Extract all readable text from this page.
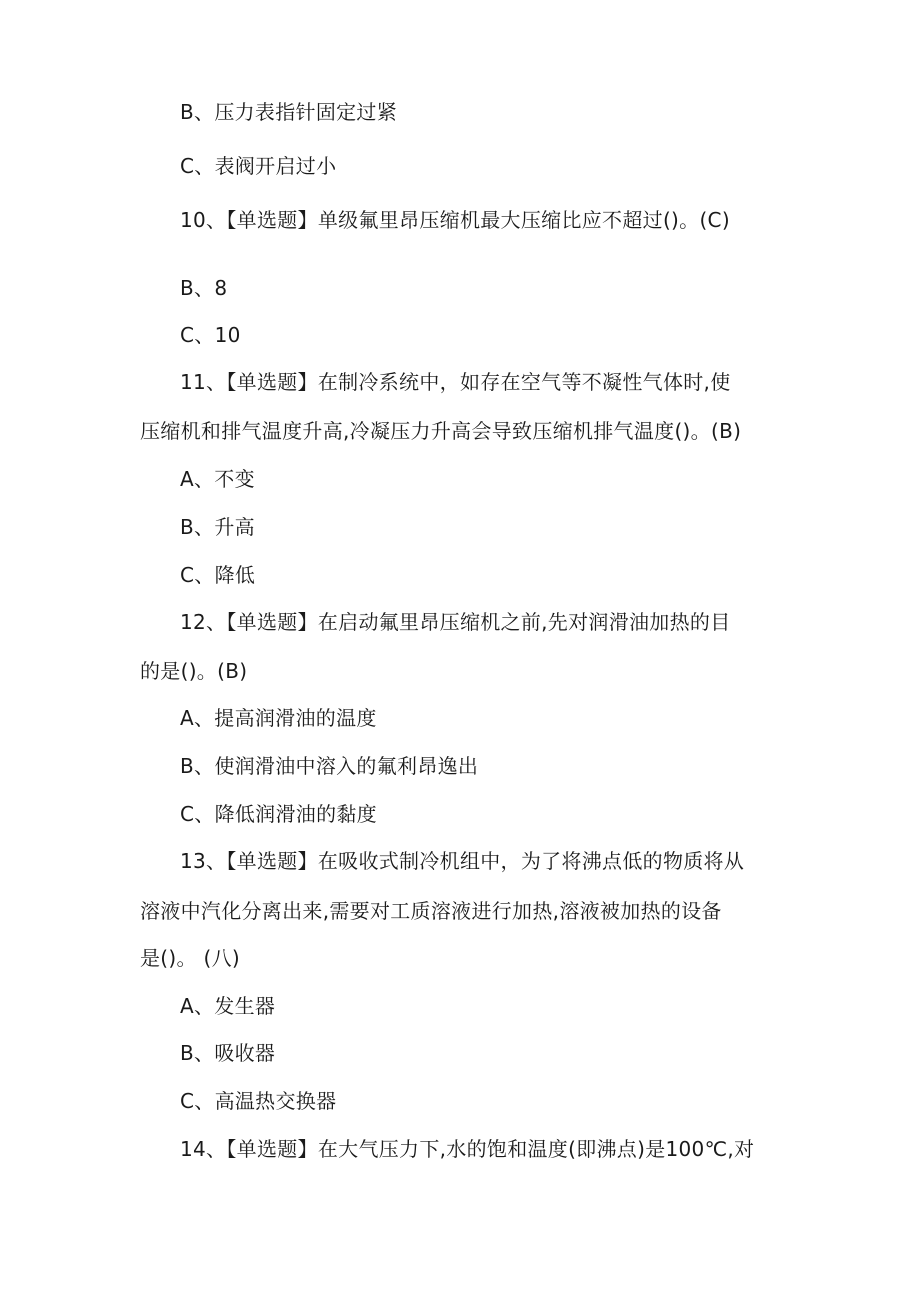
B、压力表指针固定过紧
C、表阀开启过小
10、【单选题】单级氟里昂压缩机最大压缩比应不超过()。(C)
B、8
C、10
11、【单选题】在制冷系统中，如存在空气等不凝性气体时,使
压缩机和排气温度升高,冷凝压力升高会导致压缩机排气温度()。(B)
A、不变
B、升高
C、降低
12、【单选题】在启动氟里昂压缩机之前,先对润滑油加热的目
的是()。(B)
A、提高润滑油的温度
B、使润滑油中溶入的氟利昂逸出
C、降低润滑油的黏度
13、【单选题】在吸收式制冷机组中，为了将沸点低的物质将从
溶液中汽化分离出来,需要对工质溶液进行加热,溶液被加热的设备
是()。 (八)
A、发生器
B、吸收器
C、高温热交换器
14、【单选题】在大气压力下,水的饱和温度(即沸点)是100℃,对
